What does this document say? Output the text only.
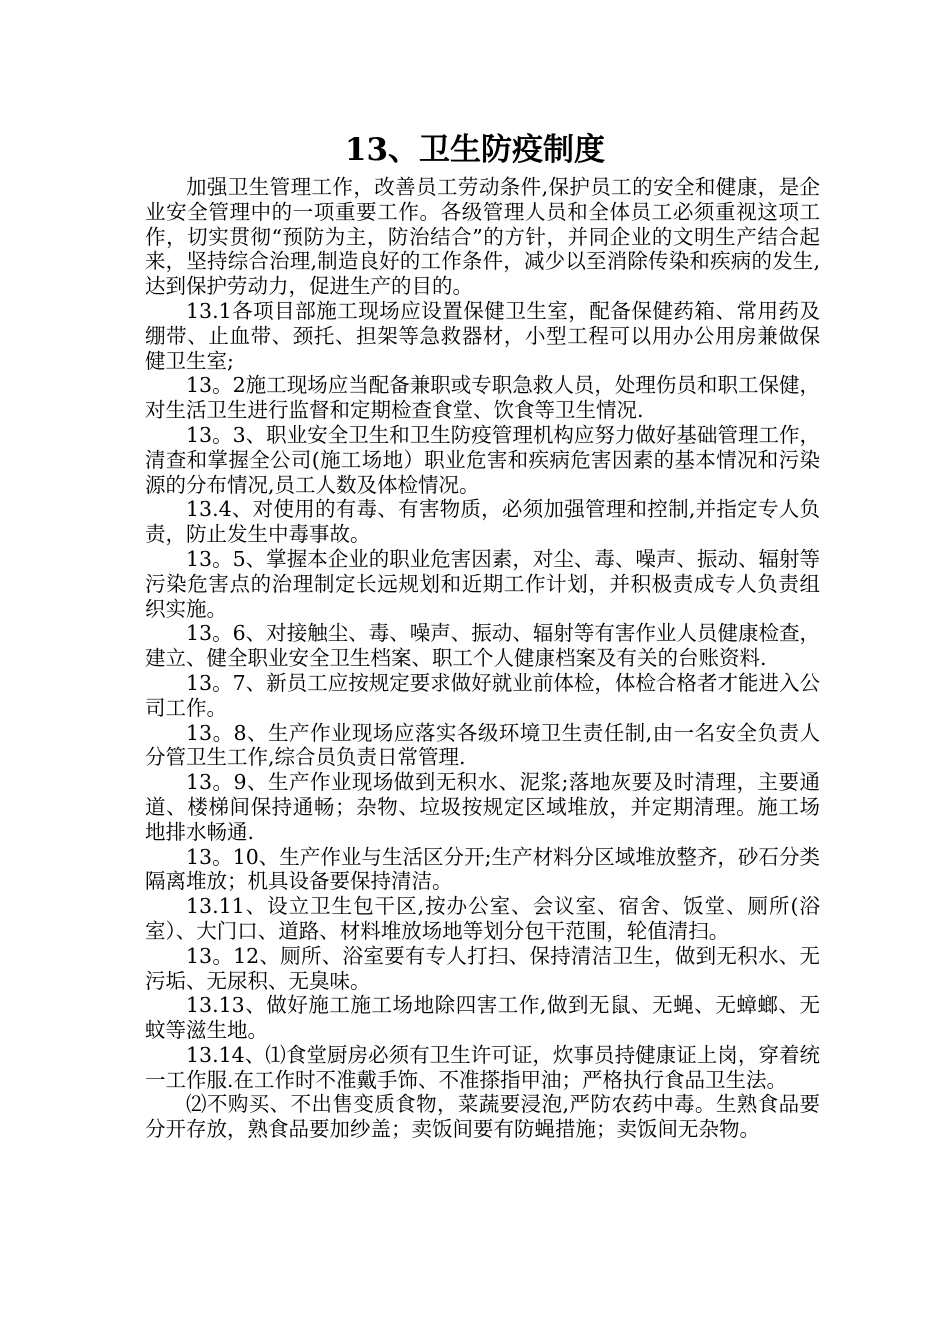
13、卫生防疫制度

加强卫生管理工作，改善员工劳动条件,保护员工的安全和健康，是企业安全管理中的一项重要工作。各级管理人员和全体员工必须重视这项工作，切实贯彻“预防为主，防治结合”的方针，并同企业的文明生产结合起来，坚持综合治理,制造良好的工作条件，减少以至消除传染和疾病的发生,达到保护劳动力，促进生产的目的。

13.1各项目部施工现场应设置保健卫生室，配备保健药箱、常用药及绷带、止血带、颈托、担架等急救器材，小型工程可以用办公用房兼做保健卫生室;

13。2施工现场应当配备兼职或专职急救人员，处理伤员和职工保健，对生活卫生进行监督和定期检查食堂、饮食等卫生情况.

13。3、职业安全卫生和卫生防疫管理机构应努力做好基础管理工作，清查和掌握全公司(施工场地）职业危害和疾病危害因素的基本情况和污染源的分布情况,员工人数及体检情况。

13.4、对使用的有毒、有害物质，必须加强管理和控制,并指定专人负责，防止发生中毒事故。

13。5、掌握本企业的职业危害因素，对尘、毒、噪声、振动、辐射等污染危害点的治理制定长远规划和近期工作计划，并积极责成专人负责组织实施。

13。6、对接触尘、毒、噪声、振动、辐射等有害作业人员健康检查，建立、健全职业安全卫生档案、职工个人健康档案及有关的台账资料.

13。7、新员工应按规定要求做好就业前体检，体检合格者才能进入公司工作。

13。8、生产作业现场应落实各级环境卫生责任制,由一名安全负责人分管卫生工作,综合员负责日常管理.

13。9、生产作业现场做到无积水、泥浆;落地灰要及时清理，主要通道、楼梯间保持通畅；杂物、垃圾按规定区域堆放，并定期清理。施工场地排水畅通.

13。10、生产作业与生活区分开;生产材料分区域堆放整齐，砂石分类隔离堆放；机具设备要保持清洁。

13.11、设立卫生包干区,按办公室、会议室、宿舍、饭堂、厕所(浴室）、大门口、道路、材料堆放场地等划分包干范围，轮值清扫。

13。12、厕所、浴室要有专人打扫、保持清洁卫生，做到无积水、无污垢、无尿积、无臭味。

13.13、做好施工施工场地除四害工作,做到无鼠、无蝇、无蟑螂、无蚊等滋生地。

13.14、⑴食堂厨房必须有卫生许可证，炊事员持健康证上岗，穿着统一工作服.在工作时不准戴手饰、不准搽指甲油；严格执行食品卫生法。

⑵不购买、不出售变质食物，菜蔬要浸泡,严防农药中毒。生熟食品要分开存放，熟食品要加纱盖；卖饭间要有防蝇措施；卖饭间无杂物。
